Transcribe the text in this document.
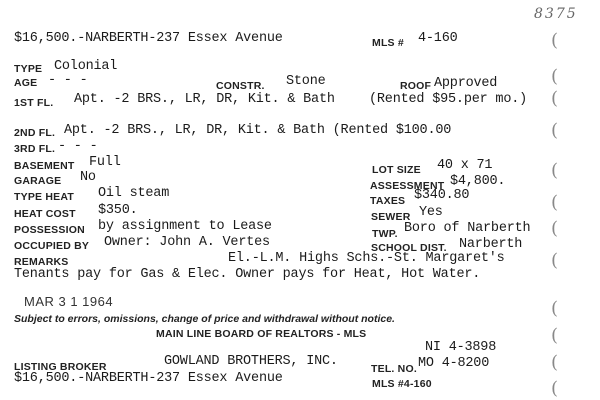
8375
$16,500.-NARBERTH-237 Essex Avenue	MLS # 4-160
TYPE Colonial
AGE - - -	CONSTR. Stone	ROOF Approved
1ST FL. Apt. -2 BRS., LR, DR, Kit. & Bath	(Rented $95.per mo.)
2ND FL. Apt. -2 BRS., LR, DR, Kit. & Bath (Rented $100.00
3RD FL. - - -
BASEMENT Full	LOT SIZE 40 x 71
GARAGE No
ASSESSMENT $4,800.
TYPE HEAT Oil steam	TAXES $340.80
HEAT COST $350.	SEWER Yes
POSSESSION by assignment to Lease	TWP. Boro of Narberth
OCCUPIED BY Owner: John A. Vertes	SCHOOL DIST. Narberth
REMARKS	El.-L.M. Highs Schs.-St. Margaret's
Tenants pay for Gas & Elec. Owner pays for Heat, Hot Water.
MAR 3 1 1964
Subject to errors, omissions, change of price and withdrawal without notice.
MAIN LINE BOARD OF REALTORS - MLS
NI 4-3898
LISTING BROKER	GOWLAND BROTHERS, INC.	TEL. NO. MO 4-8200
$16,500.-NARBERTH-237 Essex Avenue	MLS #4-160
(
(
(
(
(
(
(
(
(
(
(
(
